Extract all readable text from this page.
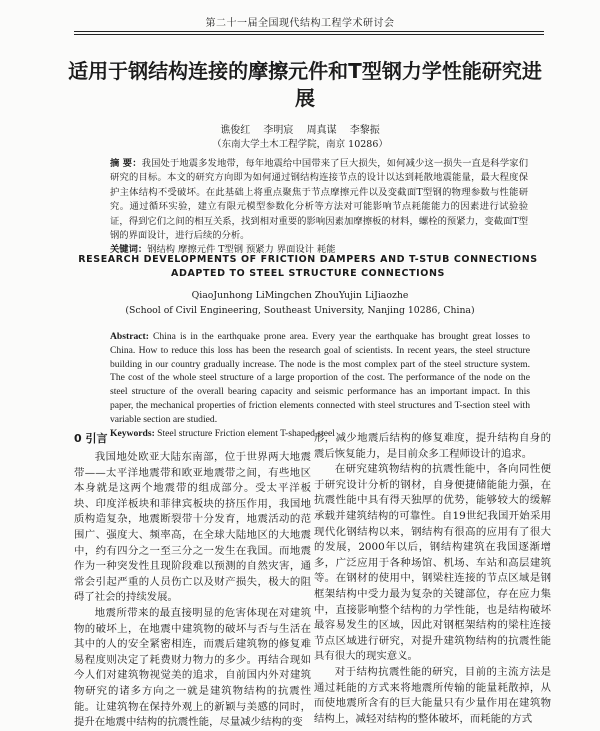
第二十一届全国现代结构工程学术研讨会
适用于钢结构连接的摩擦元件和T型钢力学性能研究进展
谯俊红 李明宸 周真谋 李黎振
（东南大学土木工程学院，南京 10286）
摘 要：我国处于地震多发地带，每年地震给中国带来了巨大损失，如何减少这一损失一直是科学家们研究的目标。本文的研究方向即为如何通过钢结构连接节点的设计以达到耗散地震能量，最大程度保护主体结构不受破坏。在此基础上将重点聚焦于节点摩擦元件以及变截面T型钢的物理参数与性能研究。通过循环实验，建立有限元模型参数化分析等方法对可能影响节点耗能能力的因素进行试验验证，得到它们之间的相互关系，找到相对重要的影响因素加摩擦板的材料，螺栓的预紧力，变截面T型钢的界面设计，进行后续的分析。
关键词：钢结构 摩擦元件 T型钢 预紧力 界面设计 耗能
RESEARCH DEVELOPMENTS OF FRICTION DAMPERS AND T-STUB CONNECTIONS ADAPTED TO STEEL STRUCTURE CONNECTIONS
QiaoJunhong LiMingchen ZhouYujin LiJiaozhe
(School of Civil Engineering, Southeast University, Nanjing 10286, China)
Abstract: China is in the earthquake prone area. Every year the earthquake has brought great losses to China. How to reduce this loss has been the research goal of scientists. In recent years, the steel structure building in our country gradually increase. The node is the most complex part of the steel structure system. The cost of the whole steel structure of a large proportion of the cost. The performance of the node on the steel structure of the overall bearing capacity and seismic performance has an important impact. In this paper, the mechanical properties of friction elements connected with steel structures and T-section steel with variable section are studied.
Keywords: Steel structure Friction element T-shaped steel
0 引言

我国地处欧亚大陆东南部，位于世界两大地震带——太平洋地震带和欧亚地震带之间，有些地区本身就是这两个地震带的组成部分。受太平洋板块、印度洋板块和菲律宾板块的挤压作用，我国地质构造复杂，地震断裂带十分发育，地震活动的范围广、强度大、频率高，在全球大陆地区的大地震中，约有四分之一至三分之一发生在我国。而地震作为一种突发性且现阶段难以预测的自然灾害，通常会引起严重的人员伤亡以及财产损失，极大的阻碍了社会的持续发展。

地震所带来的最直接明显的危害体现在对建筑物的破坏上，在地震中建筑物的破坏与否与生活在其中的人的安全紧密相连，而震后建筑物的修复难易程度则决定了耗费财力物力的多少。再结合现如今人们对建筑物视觉美的追求，自前国内外对建筑物研究的诸多方向之一就是建筑物结构的抗震性能。让建筑物在保持外观上的新颖与美感的同时，提升在地震中结构的抗震性能，尽量减少结构的变

形，减少地震后结构的修复难度，提升结构自身的震后恢复能力，是目前众多工程师设计的追求。

在研究建筑物结构的抗震性能中，各向同性便于研究设计分析的钢材，自身便捷储能能力强，在抗震性能中具有得天独厚的优势，能够较大的缓解承载并建筑结构的可靠性。自19世纪我国开始采用现代化钢结构以来，钢结构有很高的应用有了很大的发展，2000年以后，钢结构建筑在我国逐渐增多，广泛应用于各种场馆、机场、车站和高层建筑等。在钢材的使用中，钢梁柱连接的节点区域是钢框架结构中受力最为复杂的关键部位，存在应力集中，直接影响整个结构的力学性能，也是结构破坏最容易发生的区域，因此对钢框架结构的梁柱连接节点区域进行研究，对提升建筑物结构的抗震性能具有很大的现实意义。

对于结构抗震性能的研究，目前的主流方法是通过耗能的方式来将地震所传输的能量耗散掉，从而使地震所含有的巨大能量只有少量作用在建筑物结构上，减轻对结构的整体破坏，而耗能的方式
